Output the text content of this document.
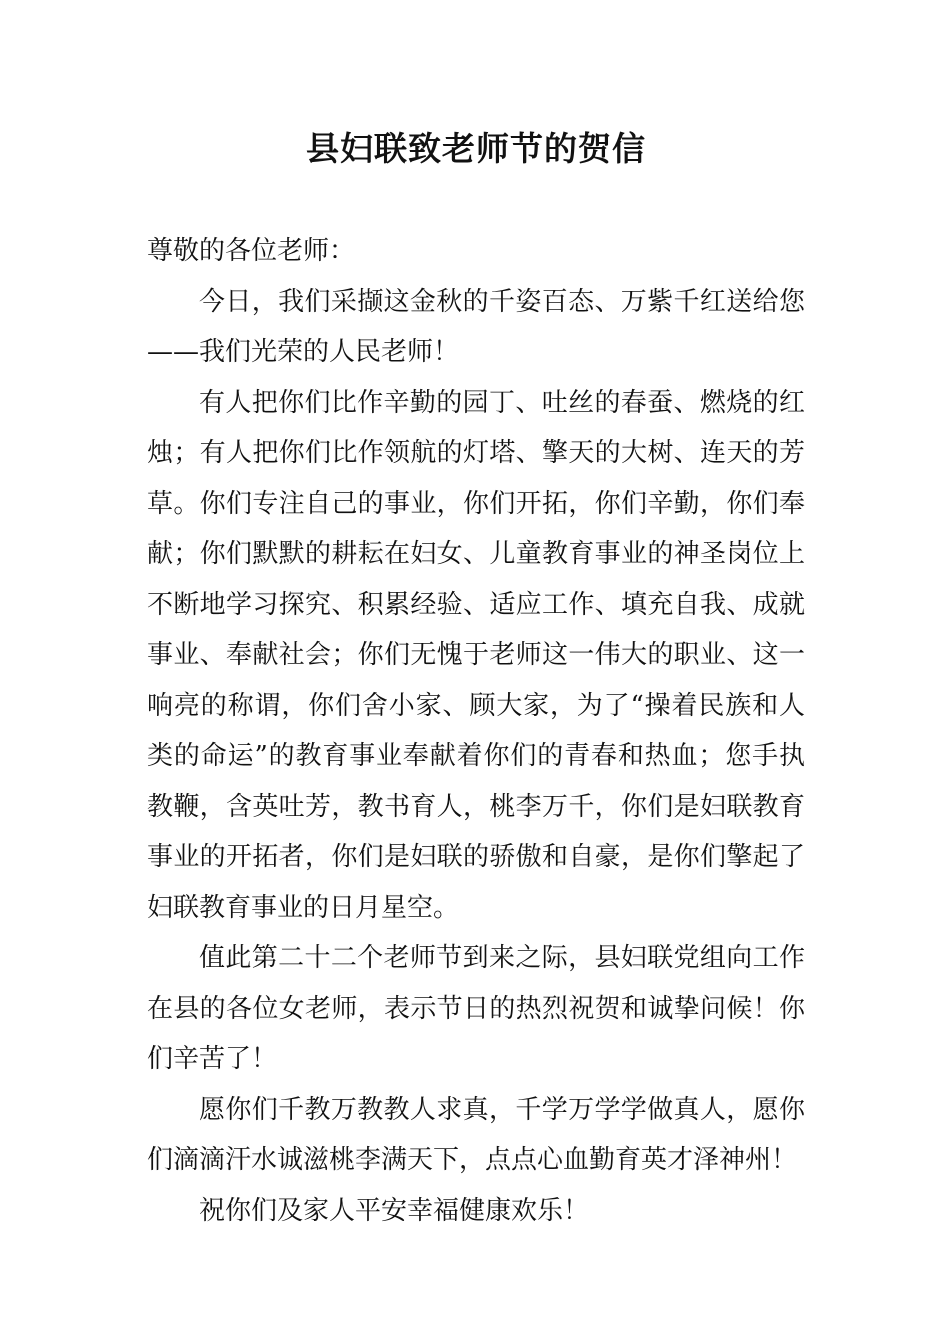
县妇联致老师节的贺信

尊敬的各位老师：

今日，我们采撷这金秋的千姿百态、万紫千红送给您——我们光荣的人民老师！

有人把你们比作辛勤的园丁、吐丝的春蚕、燃烧的红烛；有人把你们比作领航的灯塔、擎天的大树、连天的芳草。你们专注自己的事业，你们开拓，你们辛勤，你们奉献；你们默默的耕耘在妇女、儿童教育事业的神圣岗位上不断地学习探究、积累经验、适应工作、填充自我、成就事业、奉献社会；你们无愧于老师这一伟大的职业、这一响亮的称谓，你们舍小家、顾大家，为了“操着民族和人类的命运”的教育事业奉献着你们的青春和热血；您手执教鞭，含英吐芳，教书育人，桃李万千，你们是妇联教育事业的开拓者，你们是妇联的骄傲和自豪，是你们擎起了妇联教育事业的日月星空。

值此第二十二个老师节到来之际，县妇联党组向工作在县的各位女老师，表示节日的热烈祝贺和诚挚问候！你们辛苦了！

愿你们千教万教教人求真，千学万学学做真人，愿你们滴滴汗水诚滋桃李满天下，点点心血勤育英才泽神州！

祝你们及家人平安幸福健康欢乐！
